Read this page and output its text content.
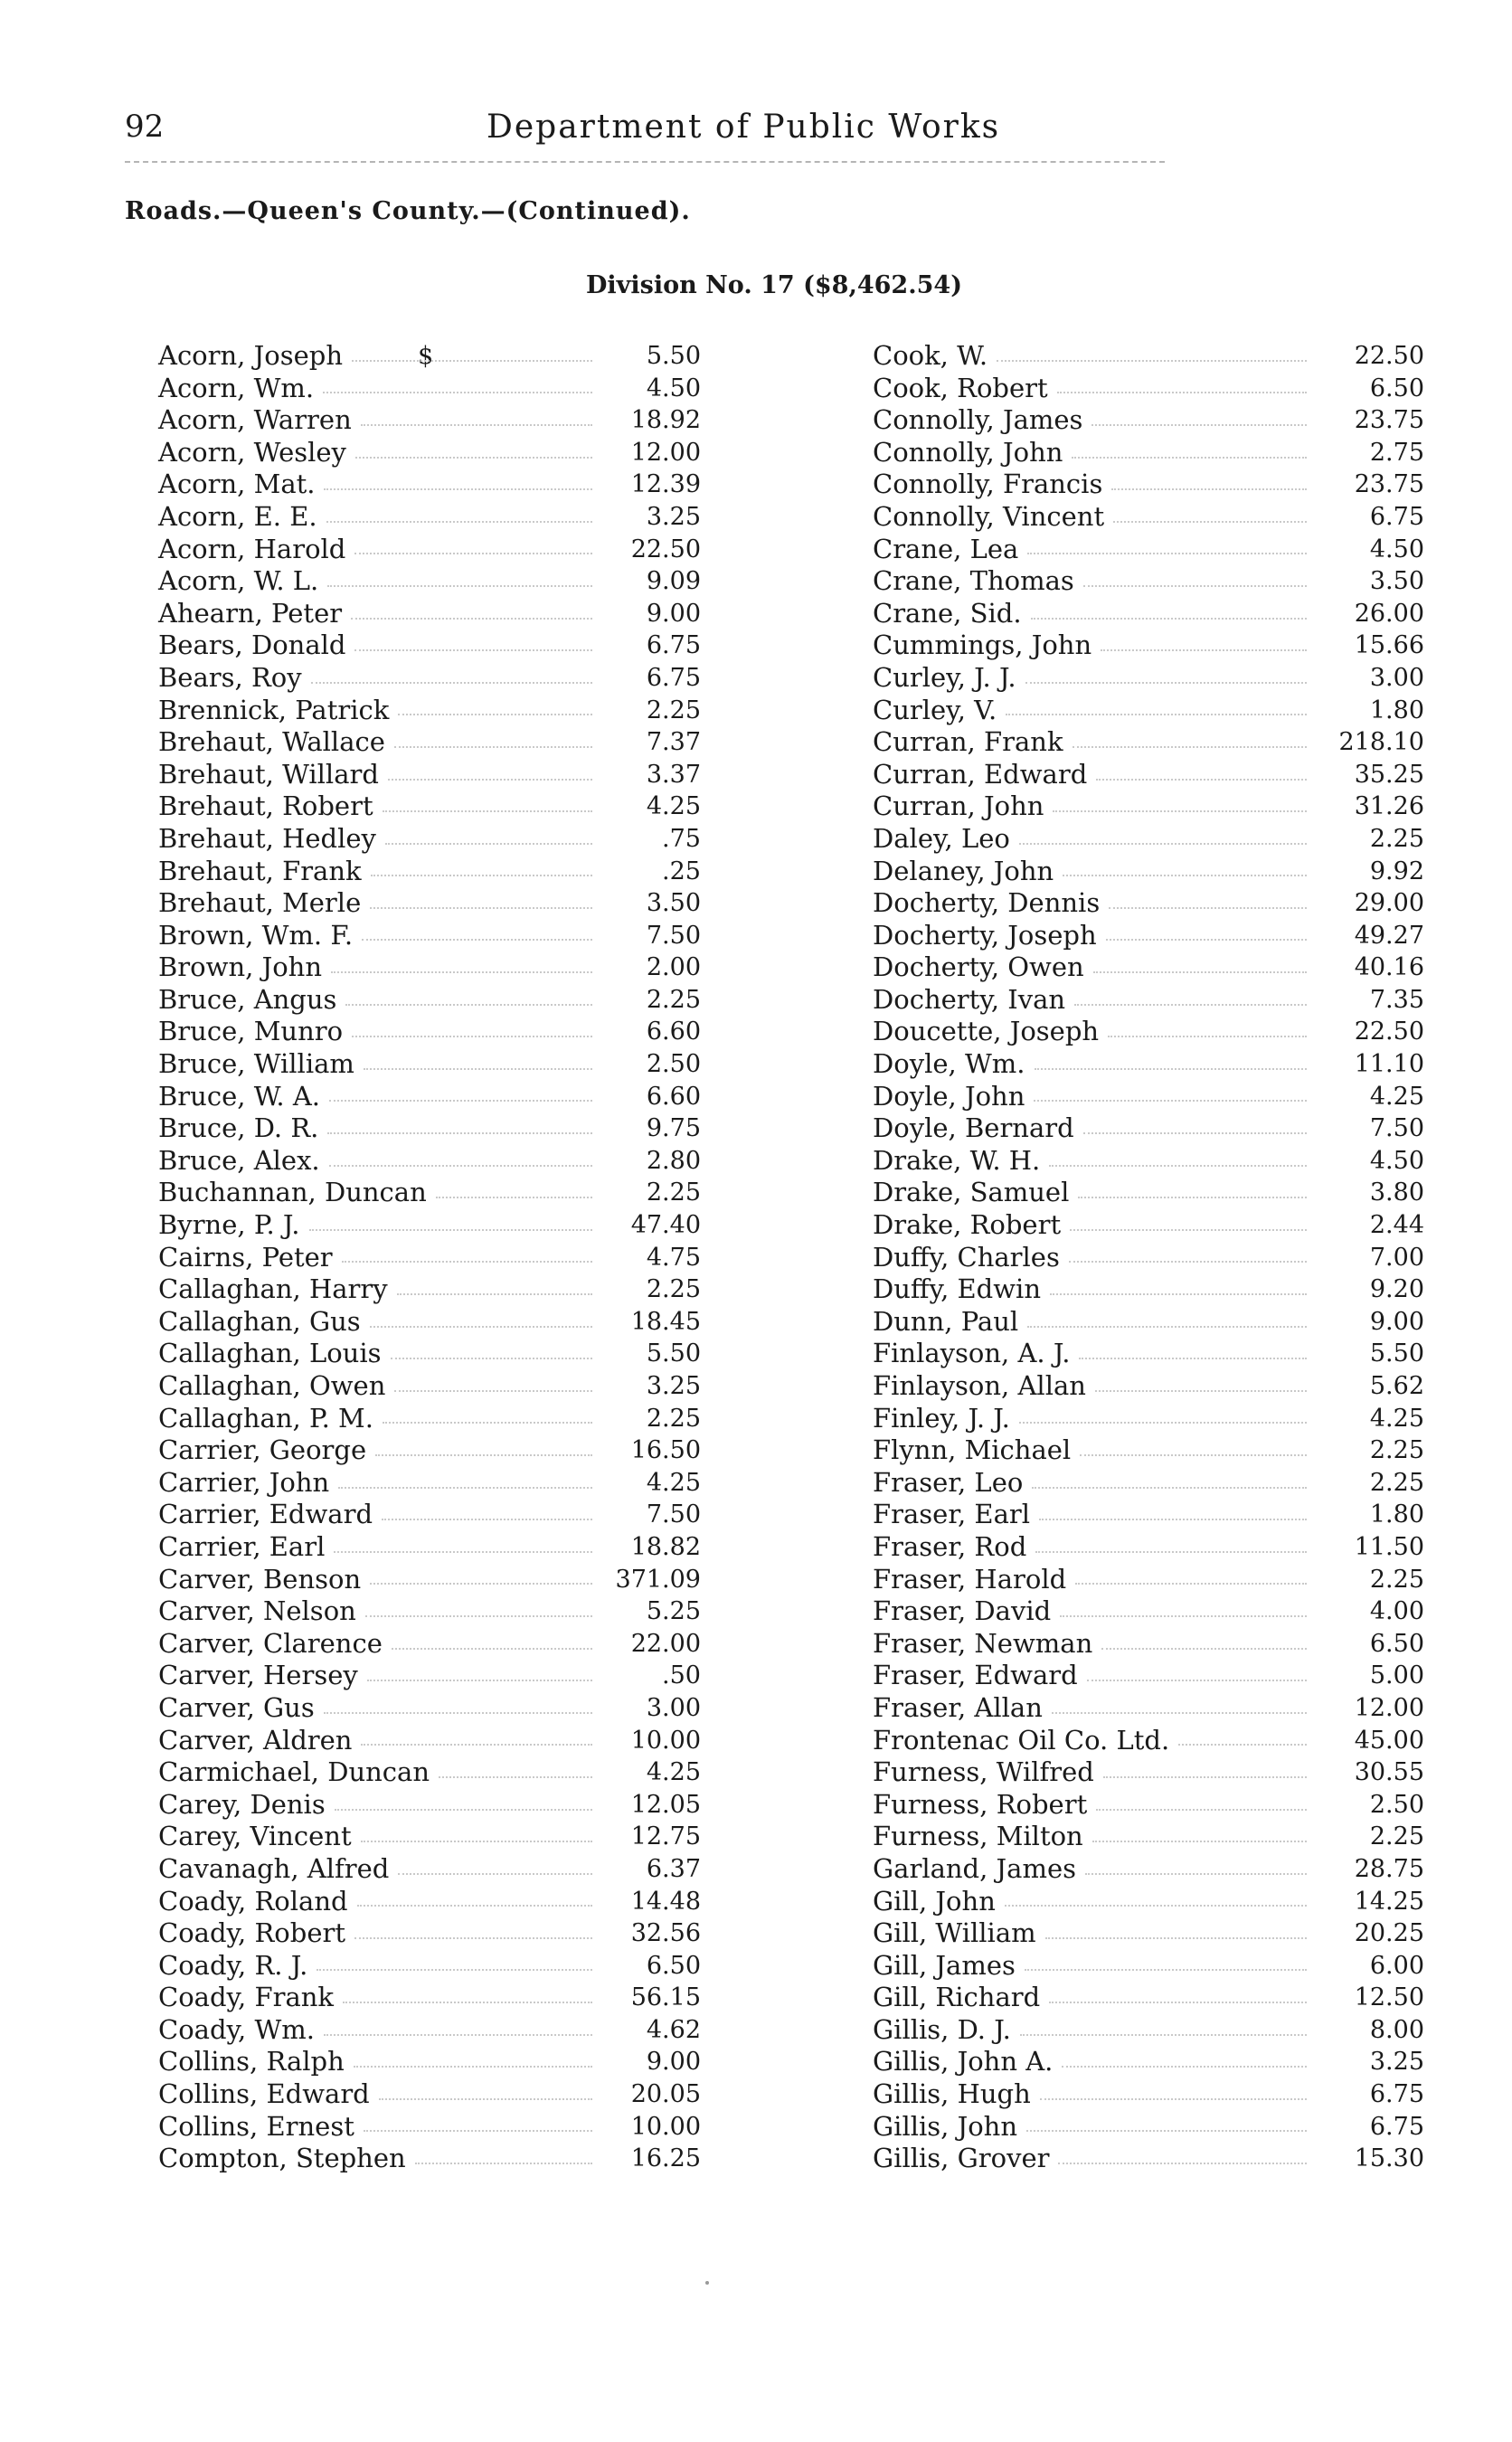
92	Department of Public Works
Roads.—Queen's County.—(Continued).
Division No. 17 ($8,462.54)
$
Acorn, Joseph	5.50
Acorn, Wm.	4.50
Acorn, Warren	18.92
Acorn, Wesley	12.00
Acorn, Mat.	12.39
Acorn, E. E.	3.25
Acorn, Harold	22.50
Acorn, W. L.	9.09
Ahearn, Peter	9.00
Bears, Donald	6.75
Bears, Roy	6.75
Brennick, Patrick	2.25
Brehaut, Wallace	7.37
Brehaut, Willard	3.37
Brehaut, Robert	4.25
Brehaut, Hedley	.75
Brehaut, Frank	.25
Brehaut, Merle	3.50
Brown, Wm. F.	7.50
Brown, John	2.00
Bruce, Angus	2.25
Bruce, Munro	6.60
Bruce, William	2.50
Bruce, W. A.	6.60
Bruce, D. R.	9.75
Bruce, Alex.	2.80
Buchannan, Duncan	2.25
Byrne, P. J.	47.40
Cairns, Peter	4.75
Callaghan, Harry	2.25
Callaghan, Gus	18.45
Callaghan, Louis	5.50
Callaghan, Owen	3.25
Callaghan, P. M.	2.25
Carrier, George	16.50
Carrier, John	4.25
Carrier, Edward	7.50
Carrier, Earl	18.82
Carver, Benson	371.09
Carver, Nelson	5.25
Carver, Clarence	22.00
Carver, Hersey	.50
Carver, Gus	3.00
Carver, Aldren	10.00
Carmichael, Duncan	4.25
Carey, Denis	12.05
Carey, Vincent	12.75
Cavanagh, Alfred	6.37
Coady, Roland	14.48
Coady, Robert	32.56
Coady, R. J.	6.50
Coady, Frank	56.15
Coady, Wm.	4.62
Collins, Ralph	9.00
Collins, Edward	20.05
Collins, Ernest	10.00
Compton, Stephen	16.25
Cook, W.	22.50
Cook, Robert	6.50
Connolly, James	23.75
Connolly, John	2.75
Connolly, Francis	23.75
Connolly, Vincent	6.75
Crane, Lea	4.50
Crane, Thomas	3.50
Crane, Sid.	26.00
Cummings, John	15.66
Curley, J. J.	3.00
Curley, V.	1.80
Curran, Frank	218.10
Curran, Edward	35.25
Curran, John	31.26
Daley, Leo	2.25
Delaney, John	9.92
Docherty, Dennis	29.00
Docherty, Joseph	49.27
Docherty, Owen	40.16
Docherty, Ivan	7.35
Doucette, Joseph	22.50
Doyle, Wm.	11.10
Doyle, John	4.25
Doyle, Bernard	7.50
Drake, W. H.	4.50
Drake, Samuel	3.80
Drake, Robert	2.44
Duffy, Charles	7.00
Duffy, Edwin	9.20
Dunn, Paul	9.00
Finlayson, A. J.	5.50
Finlayson, Allan	5.62
Finley, J. J.	4.25
Flynn, Michael	2.25
Fraser, Leo	2.25
Fraser, Earl	1.80
Fraser, Rod	11.50
Fraser, Harold	2.25
Fraser, David	4.00
Fraser, Newman	6.50
Fraser, Edward	5.00
Fraser, Allan	12.00
Frontenac Oil Co. Ltd.	45.00
Furness, Wilfred	30.55
Furness, Robert	2.50
Furness, Milton	2.25
Garland, James	28.75
Gill, John	14.25
Gill, William	20.25
Gill, James	6.00
Gill, Richard	12.50
Gillis, D. J.	8.00
Gillis, John A.	3.25
Gillis, Hugh	6.75
Gillis, John	6.75
Gillis, Grover	15.30
